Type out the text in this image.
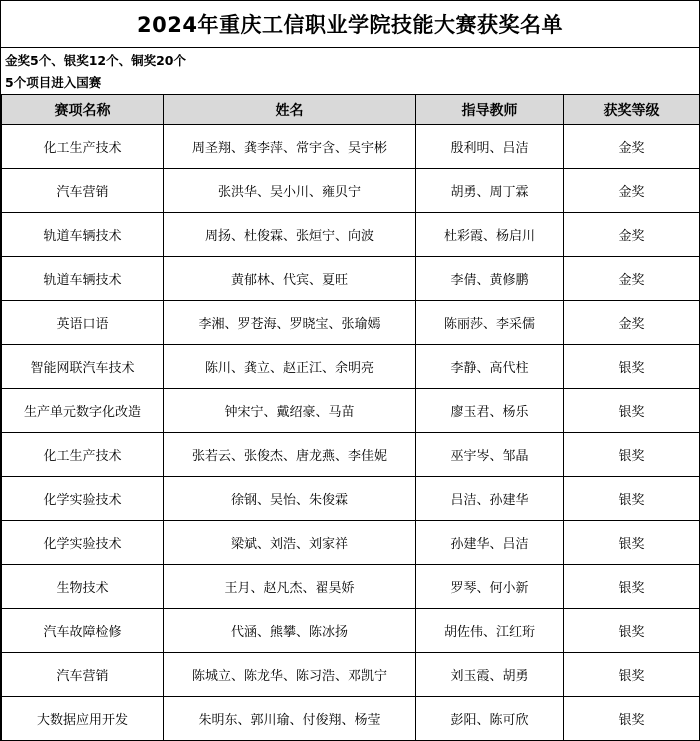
2024年重庆工信职业学院技能大赛获奖名单
金奖5个、银奖12个、铜奖20个
5个项目进入国赛
赛项名称	姓名	指导教师	获奖等级
化工生产技术	周圣翔、龚李萍、常宇含、吴宇彬	殷利明、吕洁	金奖
汽车营销	张洪华、吴小川、雍贝宁	胡勇、周丁霖	金奖
轨道车辆技术	周扬、杜俊霖、张烜宁、向波	杜彩霞、杨启川	金奖
轨道车辆技术	黄郁林、代宾、夏旺	李倩、黄修鹏	金奖
英语口语	李湘、罗苍海、罗晓宝、张瑜嫣	陈丽莎、李采儒	金奖
智能网联汽车技术	陈川、龚立、赵正江、余明亮	李静、高代柱	银奖
生产单元数字化改造	钟宋宁、戴绍豪、马苗	廖玉君、杨乐	银奖
化工生产技术	张若云、张俊杰、唐龙燕、李佳妮	巫宇岑、邹晶	银奖
化学实验技术	徐钢、吴怡、朱俊霖	吕洁、孙建华	银奖
化学实验技术	梁斌、刘浩、刘家祥	孙建华、吕洁	银奖
生物技术	王月、赵凡杰、翟昊娇	罗琴、何小新	银奖
汽车故障检修	代涵、熊攀、陈冰扬	胡佐伟、江红珩	银奖
汽车营销	陈城立、陈龙华、陈习浩、邓凯宁	刘玉霞、胡勇	银奖
大数据应用开发	朱明东、郭川瑜、付俊翔、杨莹	彭阳、陈可欣	银奖
